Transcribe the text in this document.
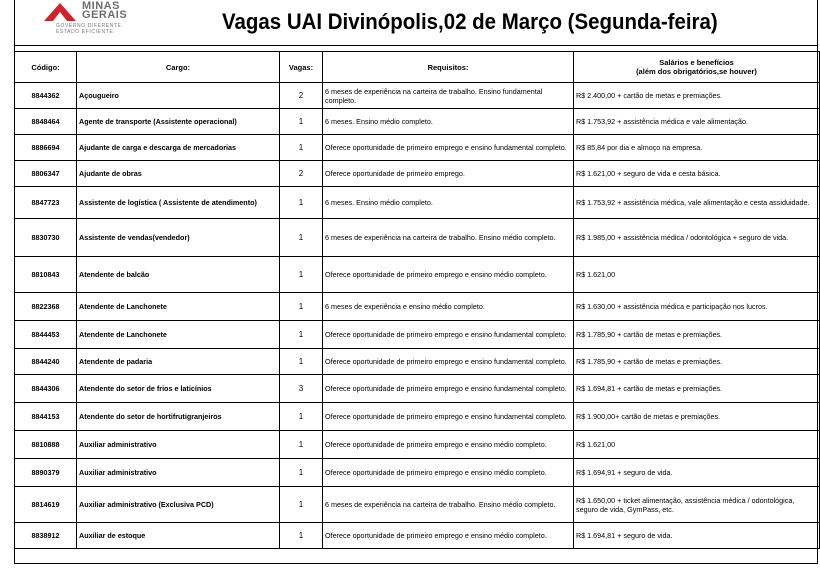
MINAS
GERAIS
GOVERNO DIFERENTE.
ESTADO EFICIENTE.	Vagas UAI Divinópolis,02 de Março (Segunda-feira)
Código:	Cargo:	Vagas:	Requisitos:	Salários e benefícios
(além dos obrigatórios,se houver)
8844362	Açougueiro	2	6 meses de experiência na carteira de trabalho. Ensino fundamental completo.	R$ 2.400,00 + cartão de metas e premiações.
8848464	Agente de transporte (Assistente operacional)	1	6 meses. Ensino médio completo.	R$ 1.753,92 + assistência médica e vale alimentação.
8886694	Ajudante de carga e descarga de mercadorias	1	Oferece oportunidade de primeiro emprego e ensino fundamental completo.	R$ 85,84 por dia e almoço na empresa.
8806347	Ajudante de obras	2	Oferece oportunidade de primeiro emprego.	R$ 1.621,00 + seguro de vida e cesta básica.
8847723	Assistente de logística ( Assistente de atendimento)	1	6 meses. Ensino médio completo.	R$ 1.753,92 + assistência médica, vale alimentação e cesta assiduidade.
8830730	Assistente de vendas(vendedor)	1	6 meses de experiência na carteira de trabalho. Ensino médio completo.	R$ 1.985,00 + assistência médica / odontológica + seguro de vida.
8810843	Atendente de balcão	1	Oferece oportunidade de primeiro emprego e ensino médio completo.	R$ 1.621,00
8822368	Atendente de Lanchonete	1	6 meses de experiência e ensino médio completo.	R$ 1.630,00 + assistência médica e participação nos lucros.
8844453	Atendente de Lanchonete	1	Oferece oportunidade de primeiro emprego e ensino fundamental completo.	R$ 1.785,90 + cartão de metas e premiações.
8844240	Atendente de padaria	1	Oferece oportunidade de primeiro emprego e ensino fundamental completo.	R$ 1.785,90 + cartão de metas e premiações.
8844306	Atendente do setor de frios e laticínios	3	Oferece oportunidade de primeiro emprego e ensino fundamental completo.	R$ 1.694,81 + cartão de metas e premiações.
8844153	Atendente do setor de hortifrutigranjeiros	1	Oferece oportunidade de primeiro emprego e ensino fundamental completo.	R$ 1.900,00+ cartão de metas e premiações.
8810888	Auxiliar administrativo	1	Oferece oportunidade de primeiro emprego e ensino médio completo.	R$ 1.621,00
8890379	Auxiliar administrativo	1	Oferece oportunidade de primeiro emprego e ensino médio completo.	R$ 1.694,91 + seguro de vida.
8814619	Auxiliar administrativo (Exclusiva PCD)	1	6 meses de experiência na carteira de trabalho. Ensino médio completo.	R$ 1.650,00 + ticket alimentação, assistência médica / odontológica, seguro de vida, GymPass, etc.
8838912	Auxiliar de estoque	1	Oferece oportunidade de primeiro emprego e ensino médio completo.	R$ 1.694,81 + seguro de vida.
